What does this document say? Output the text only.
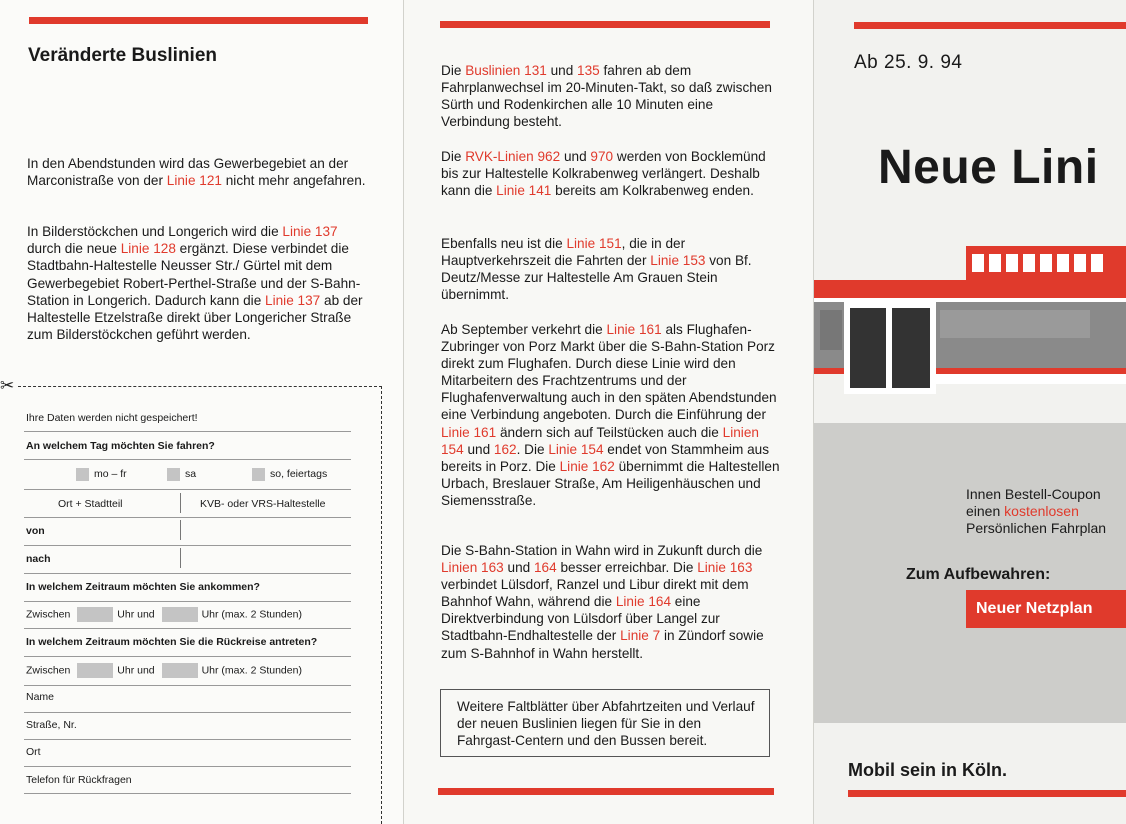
Veränderte Buslinien
In den Abendstunden wird das Gewerbegebiet an der Marconistraße von der Linie 121 nicht mehr angefahren.
In Bilderstöckchen und Longerich wird die Linie 137 durch die neue Linie 128 ergänzt. Diese verbindet die Stadtbahn-Haltestelle Neusser Str./ Gürtel mit dem Gewerbegebiet Robert-Perthel-Straße und der S-Bahn-Station in Longerich. Dadurch kann die Linie 137 ab der Haltestelle Etzelstraße direkt über Longericher Straße zum Bilderstöckchen geführt werden.
✂
Ihre Daten werden nicht gespeichert!
An welchem Tag möchten Sie fahren?
mo – fr	sa	so, feiertags
Ort + Stadtteil	KVB- oder VRS-Haltestelle
von
nach
In welchem Zeitraum möchten Sie ankommen?
Zwischen	Uhr und	Uhr (max. 2 Stunden)
In welchem Zeitraum möchten Sie die Rückreise antreten?
Zwischen	Uhr und	Uhr (max. 2 Stunden)
Name
Straße, Nr.
Ort
Telefon für Rückfragen
Die Buslinien 131 und 135 fahren ab dem Fahrplanwechsel im 20-Minuten-Takt, so daß zwischen Sürth und Rodenkirchen alle 10 Minuten eine Verbindung besteht.
Die RVK-Linien 962 und 970 werden von Bocklemünd bis zur Haltestelle Kolkrabenweg verlängert. Deshalb kann die Linie 141 bereits am Kolkrabenweg enden.
Ebenfalls neu ist die Linie 151, die in der Hauptverkehrszeit die Fahrten der Linie 153 von Bf. Deutz/Messe zur Haltestelle Am Grauen Stein übernimmt.
Ab September verkehrt die Linie 161 als Flughafen-Zubringer von Porz Markt über die S-Bahn-Station Porz direkt zum Flughafen. Durch diese Linie wird den Mitarbeitern des Frachtzentrums und der Flughafenverwaltung auch in den späten Abendstunden eine Verbindung angeboten. Durch die Einführung der Linie 161 ändern sich auf Teilstücken auch die Linien 154 und 162. Die Linie 154 endet von Stammheim aus bereits in Porz. Die Linie 162 übernimmt die Haltestellen Urbach, Breslauer Straße, Am Heiligenhäuschen und Siemensstraße.
Die S-Bahn-Station in Wahn wird in Zukunft durch die Linien 163 und 164 besser erreichbar. Die Linie 163 verbindet Lülsdorf, Ranzel und Libur direkt mit dem Bahnhof Wahn, während die Linie 164 eine Direktverbindung von Lülsdorf über Langel zur Stadtbahn-Endhaltestelle der Linie 7 in Zündorf sowie zum S-Bahnhof in Wahn herstellt.
Weitere Faltblätter über Abfahrtzeiten und Verlauf der neuen Buslinien liegen für Sie in den Fahrgast-Centern und den Bussen bereit.
Ab 25. 9. 94
Neue Lini
Innen Bestell-Coupon
einen kostenlosen
Persönlichen Fahrplan
Zum Aufbewahren:
Neuer Netzplan
Mobil sein in Köln.
